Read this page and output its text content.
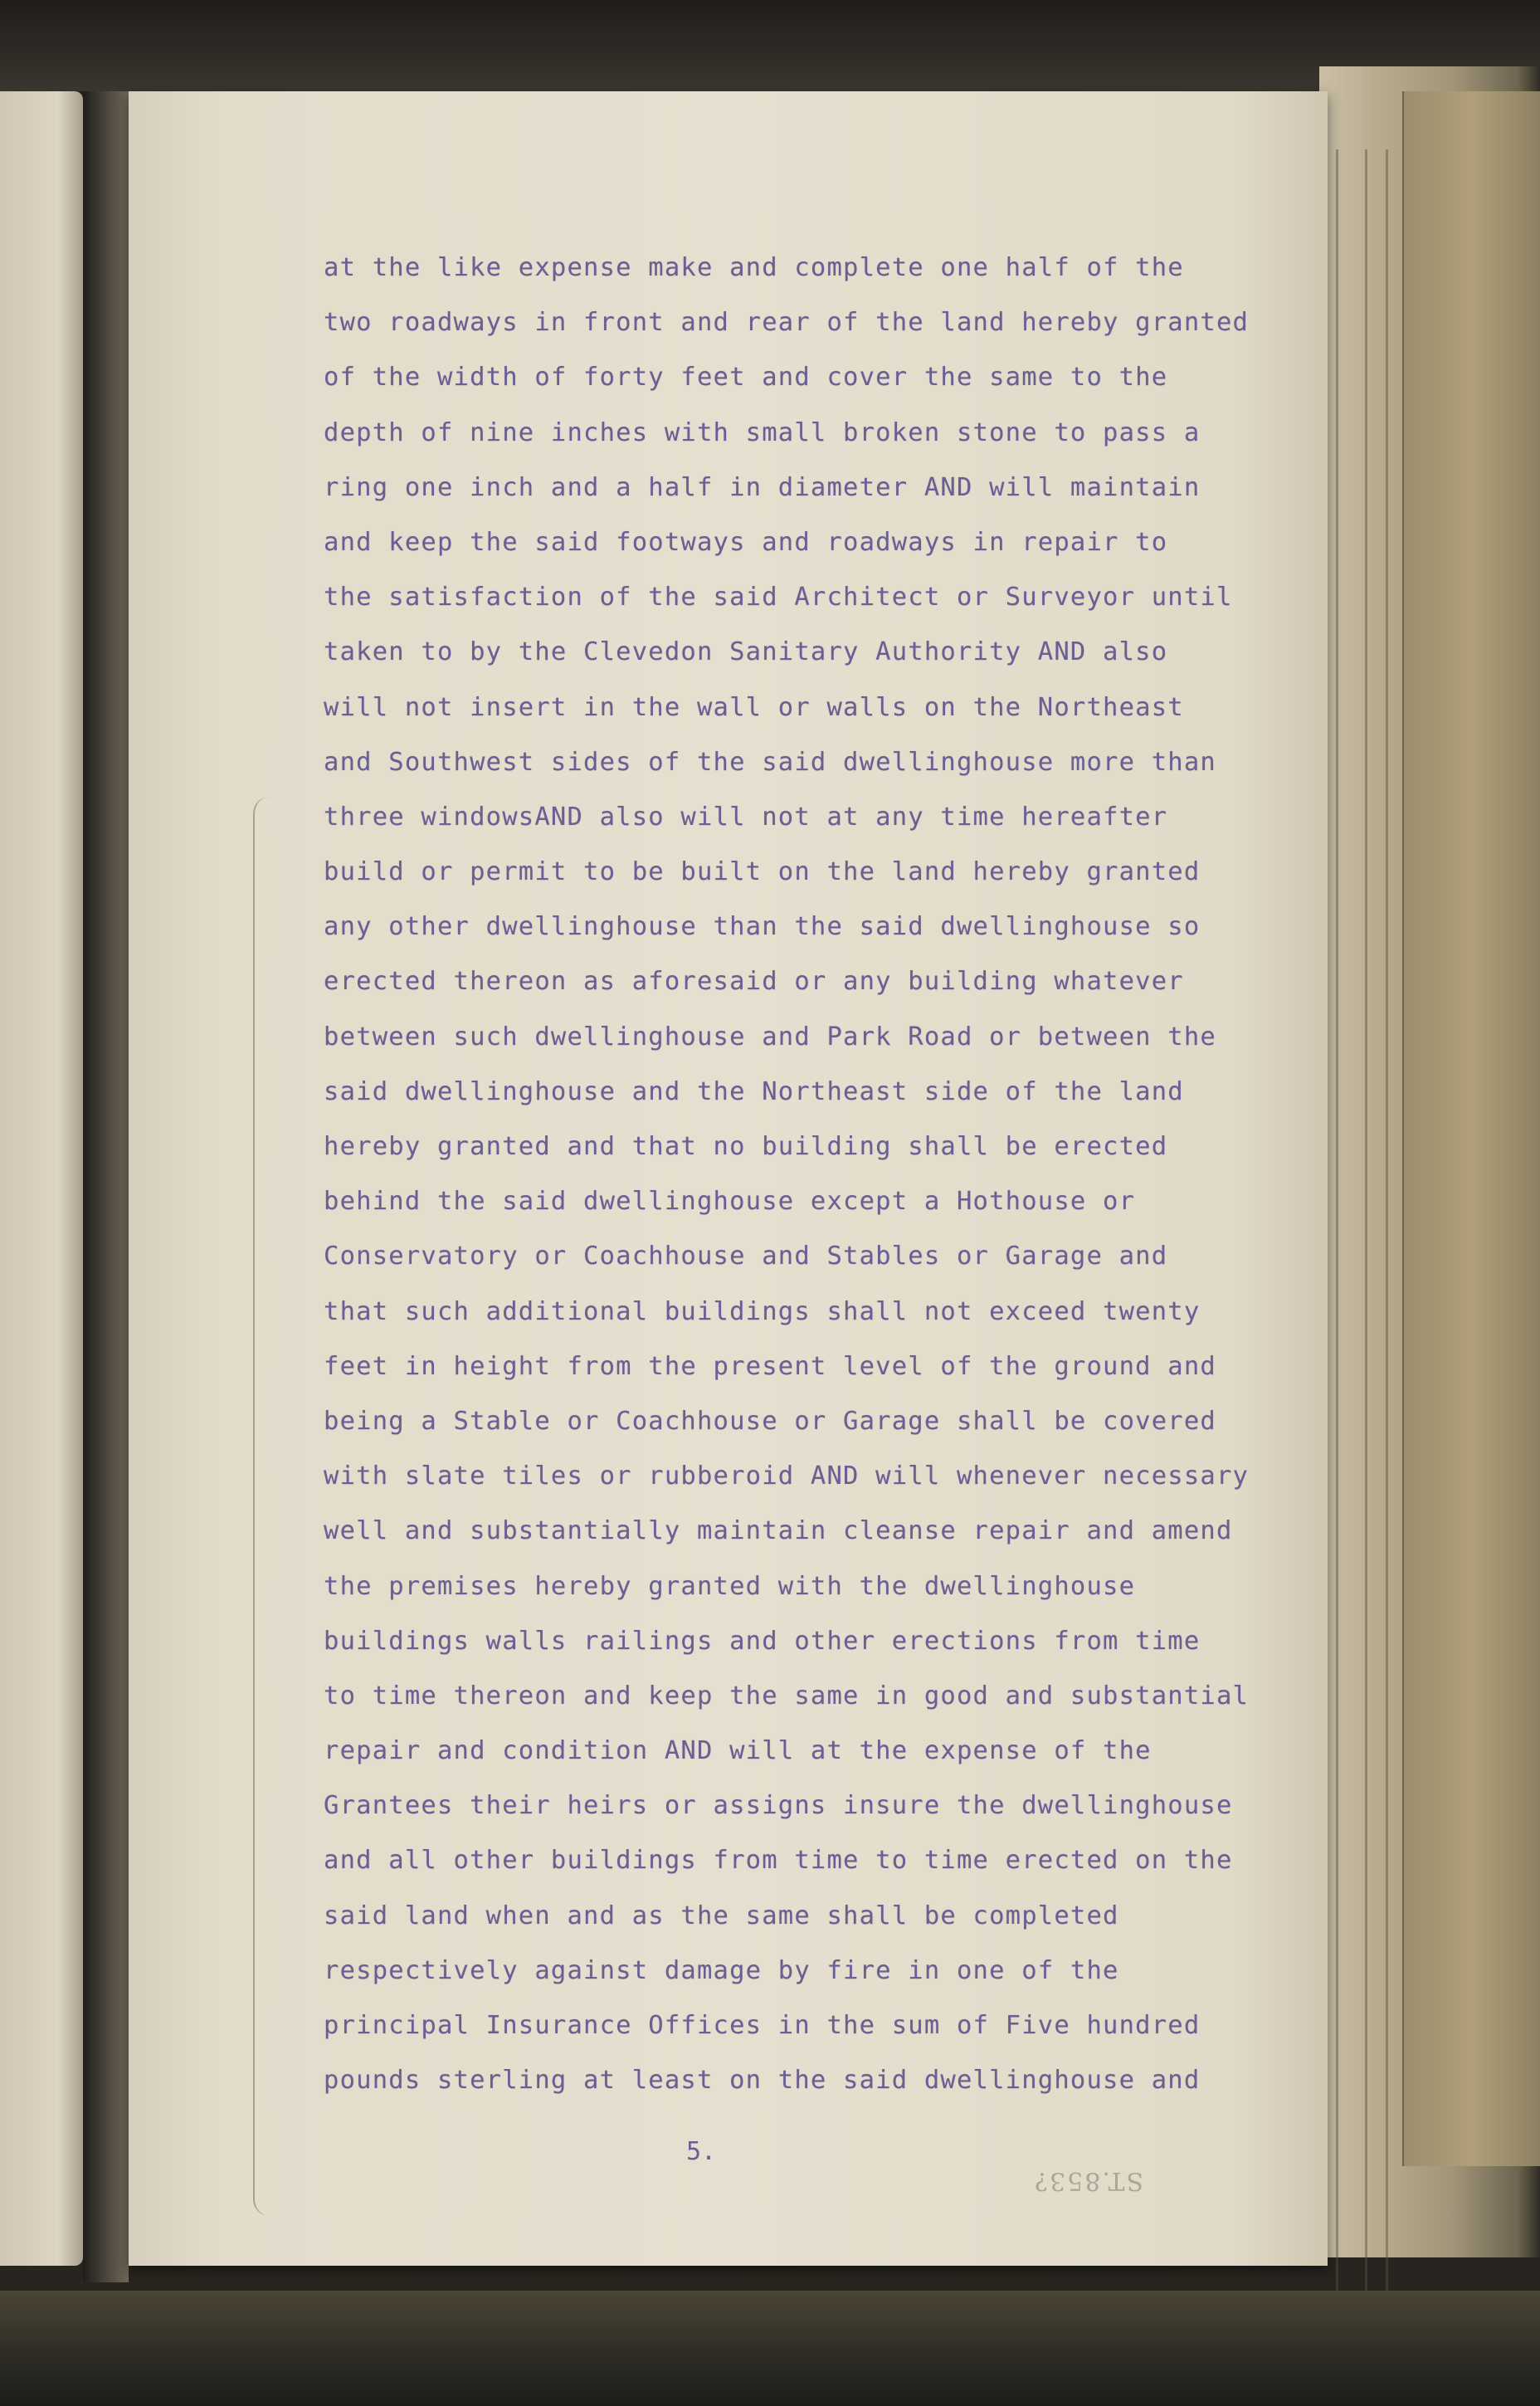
at the like expense make and complete one half of the
two roadways in front and rear of the land hereby granted
of the width of forty feet and cover the same to the
depth of nine inches with small broken stone to pass a
ring one inch and a half in diameter AND will maintain
and keep the said footways and roadways in repair to
the satisfaction of the said Architect or Surveyor until
taken to by the Clevedon Sanitary Authority AND also
will not insert in the wall or walls on the Northeast
and Southwest sides of the said dwellinghouse more than
three windowsAND also will not at any time hereafter
build or permit to be built on the land hereby granted
any other dwellinghouse than the said dwellinghouse so
erected thereon as aforesaid or any building whatever
between such dwellinghouse and Park Road or between the
said dwellinghouse and the Northeast side of the land
hereby granted and that no building shall be erected
behind the said dwellinghouse except a Hothouse or
Conservatory or Coachhouse and Stables or Garage and
that such additional buildings shall not exceed twenty
feet in height from the present level of the ground and
being a Stable or Coachhouse or Garage shall be covered
with slate tiles or rubberoid AND will whenever necessary
well and substantially maintain cleanse repair and amend
the premises hereby granted with the dwellinghouse
buildings walls railings and other erections from time
to time thereon and keep the same in good and substantial
repair and condition AND will at the expense of the
Grantees their heirs or assigns insure the dwellinghouse
and all other buildings from time to time erected on the
said land when and as the same shall be completed
respectively against damage by fire in one of the
principal Insurance Offices in the sum of Five hundred
pounds sterling at least on the said dwellinghouse and
5.
ST.853?
